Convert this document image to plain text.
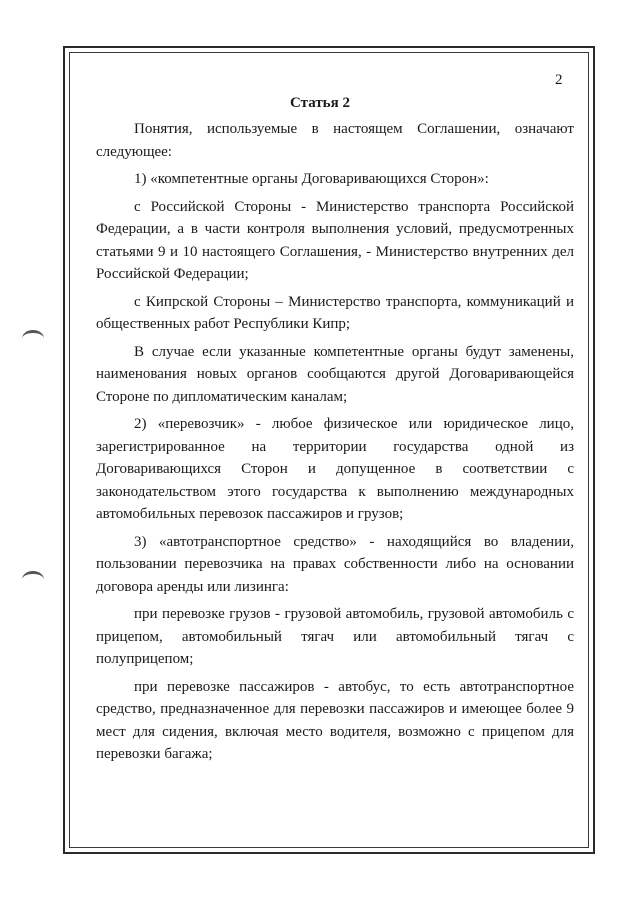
2
Статья 2

Понятия, используемые в настоящем Соглашении, означают следующее:

1) «компетентные органы Договаривающихся Сторон»:

с Российской Стороны - Министерство транспорта Российской Федерации, а в части контроля выполнения условий, предусмотренных статьями 9 и 10 настоящего Соглашения, - Министерство внутренних дел Российской Федерации;

с Кипрской Стороны – Министерство транспорта, коммуникаций и общественных работ Республики Кипр;

В случае если указанные компетентные органы будут заменены, наименования новых органов сообщаются другой Договаривающейся Стороне по дипломатическим каналам;

2) «перевозчик» - любое физическое или юридическое лицо, зарегистрированное на территории государства одной из Договаривающихся Сторон и допущенное в соответствии с законодательством этого государства к выполнению международных автомобильных перевозок пассажиров и грузов;

3) «автотранспортное средство» - находящийся во владении, пользовании перевозчика на правах собственности либо на основании договора аренды или лизинга:

при перевозке грузов - грузовой автомобиль, грузовой автомобиль с прицепом, автомобильный тягач или автомобильный тягач с полуприцепом;

при перевозке пассажиров - автобус, то есть автотранспортное средство, предназначенное для перевозки пассажиров и имеющее более 9 мест для сидения, включая место водителя, возможно с прицепом для перевозки багажа;
